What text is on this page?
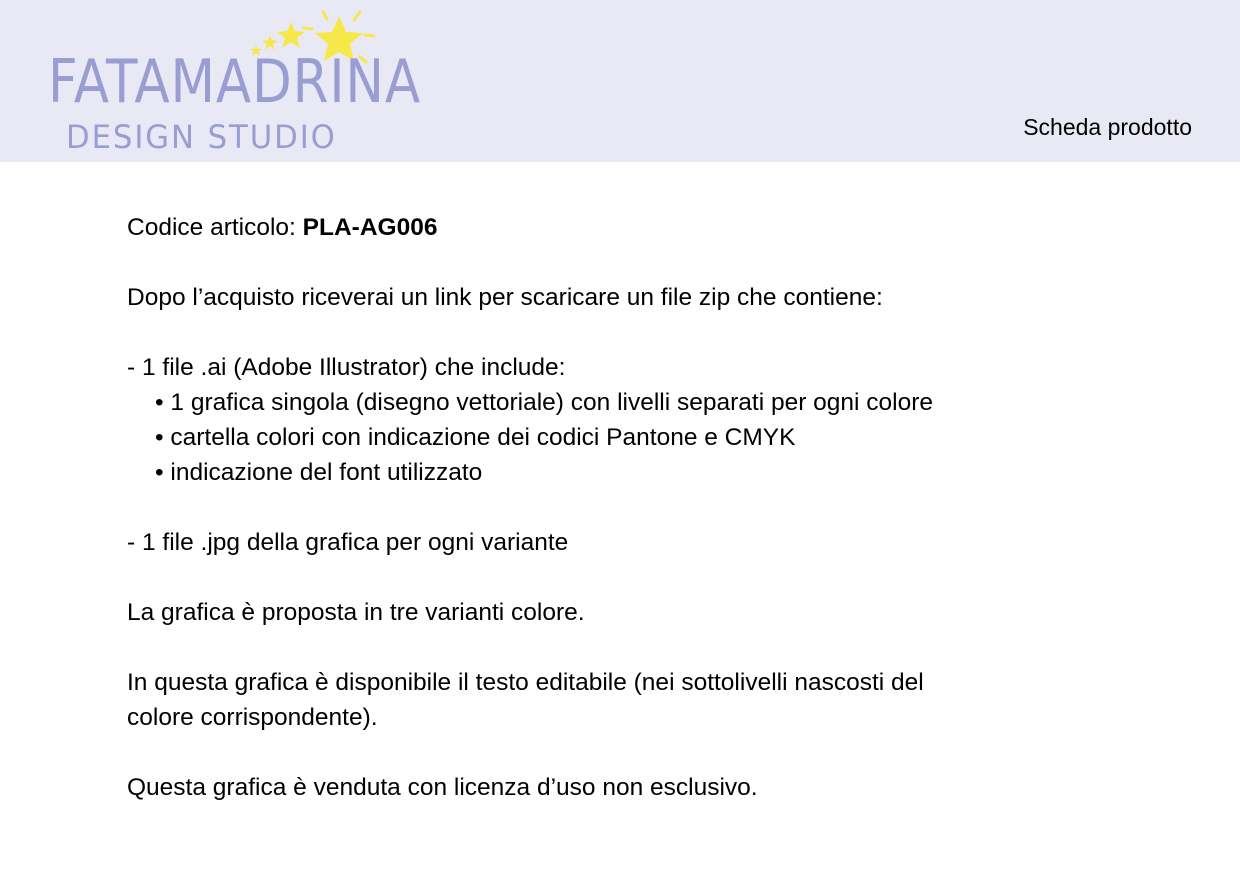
FATAMADRINA
DESIGN STUDIO	Scheda prodotto

Codice articolo: PLA-AG006

Dopo l’acquisto riceverai un link per scaricare un file zip che contiene:

- 1 file .ai (Adobe Illustrator) che include:

• 1 grafica singola (disegno vettoriale) con livelli separati per ogni colore

• cartella colori con indicazione dei codici Pantone e CMYK

• indicazione del font utilizzato

- 1 file .jpg della grafica per ogni variante

La grafica è proposta in tre varianti colore.

In questa grafica è disponibile il testo editabile (nei sottolivelli nascosti del

colore corrispondente).

Questa grafica è venduta con licenza d’uso non esclusivo.
